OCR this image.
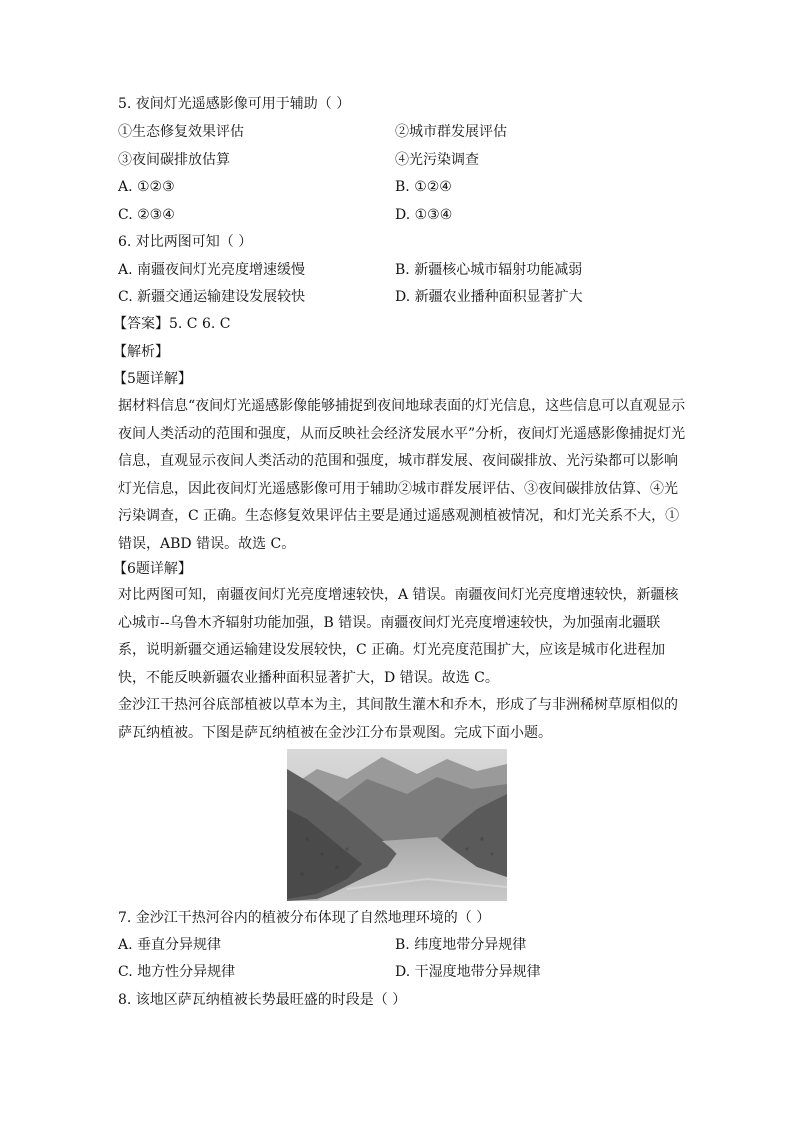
5. 夜间灯光遥感影像可用于辅助（ ）
①生态修复效果评估	②城市群发展评估
③夜间碳排放估算	④光污染调查
A. ①②③	B. ①②④
C. ②③④	D. ①③④
6. 对比两图可知（ ）
A. 南疆夜间灯光亮度增速缓慢	B. 新疆核心城市辐射功能减弱
C. 新疆交通运输建设发展较快	D. 新疆农业播种面积显著扩大
【答案】5. C 6. C
【解析】
【5题详解】
据材料信息“夜间灯光遥感影像能够捕捉到夜间地球表面的灯光信息，这些信息可以直观显示夜间人类活动的范围和强度，从而反映社会经济发展水平”分析，夜间灯光遥感影像捕捉灯光信息，直观显示夜间人类活动的范围和强度，城市群发展、夜间碳排放、光污染都可以影响灯光信息，因此夜间灯光遥感影像可用于辅助②城市群发展评估、③夜间碳排放估算、④光污染调查，C 正确。生态修复效果评估主要是通过遥感观测植被情况，和灯光关系不大，①错误，ABD 错误。故选 C。
【6题详解】
对比两图可知，南疆夜间灯光亮度增速较快，A 错误。南疆夜间灯光亮度增速较快，新疆核心城市--乌鲁木齐辐射功能加强，B 错误。南疆夜间灯光亮度增速较快，为加强南北疆联系，说明新疆交通运输建设发展较快，C 正确。灯光亮度范围扩大，应该是城市化进程加快，不能反映新疆农业播种面积显著扩大，D 错误。故选 C。
金沙江干热河谷底部植被以草本为主，其间散生灌木和乔木，形成了与非洲稀树草原相似的萨瓦纳植被。下图是萨瓦纳植被在金沙江分布景观图。完成下面小题。
7. 金沙江干热河谷内的植被分布体现了自然地理环境的（ ）
A. 垂直分异规律	B. 纬度地带分异规律
C. 地方性分异规律	D. 干湿度地带分异规律
8. 该地区萨瓦纳植被长势最旺盛的时段是（ ）
